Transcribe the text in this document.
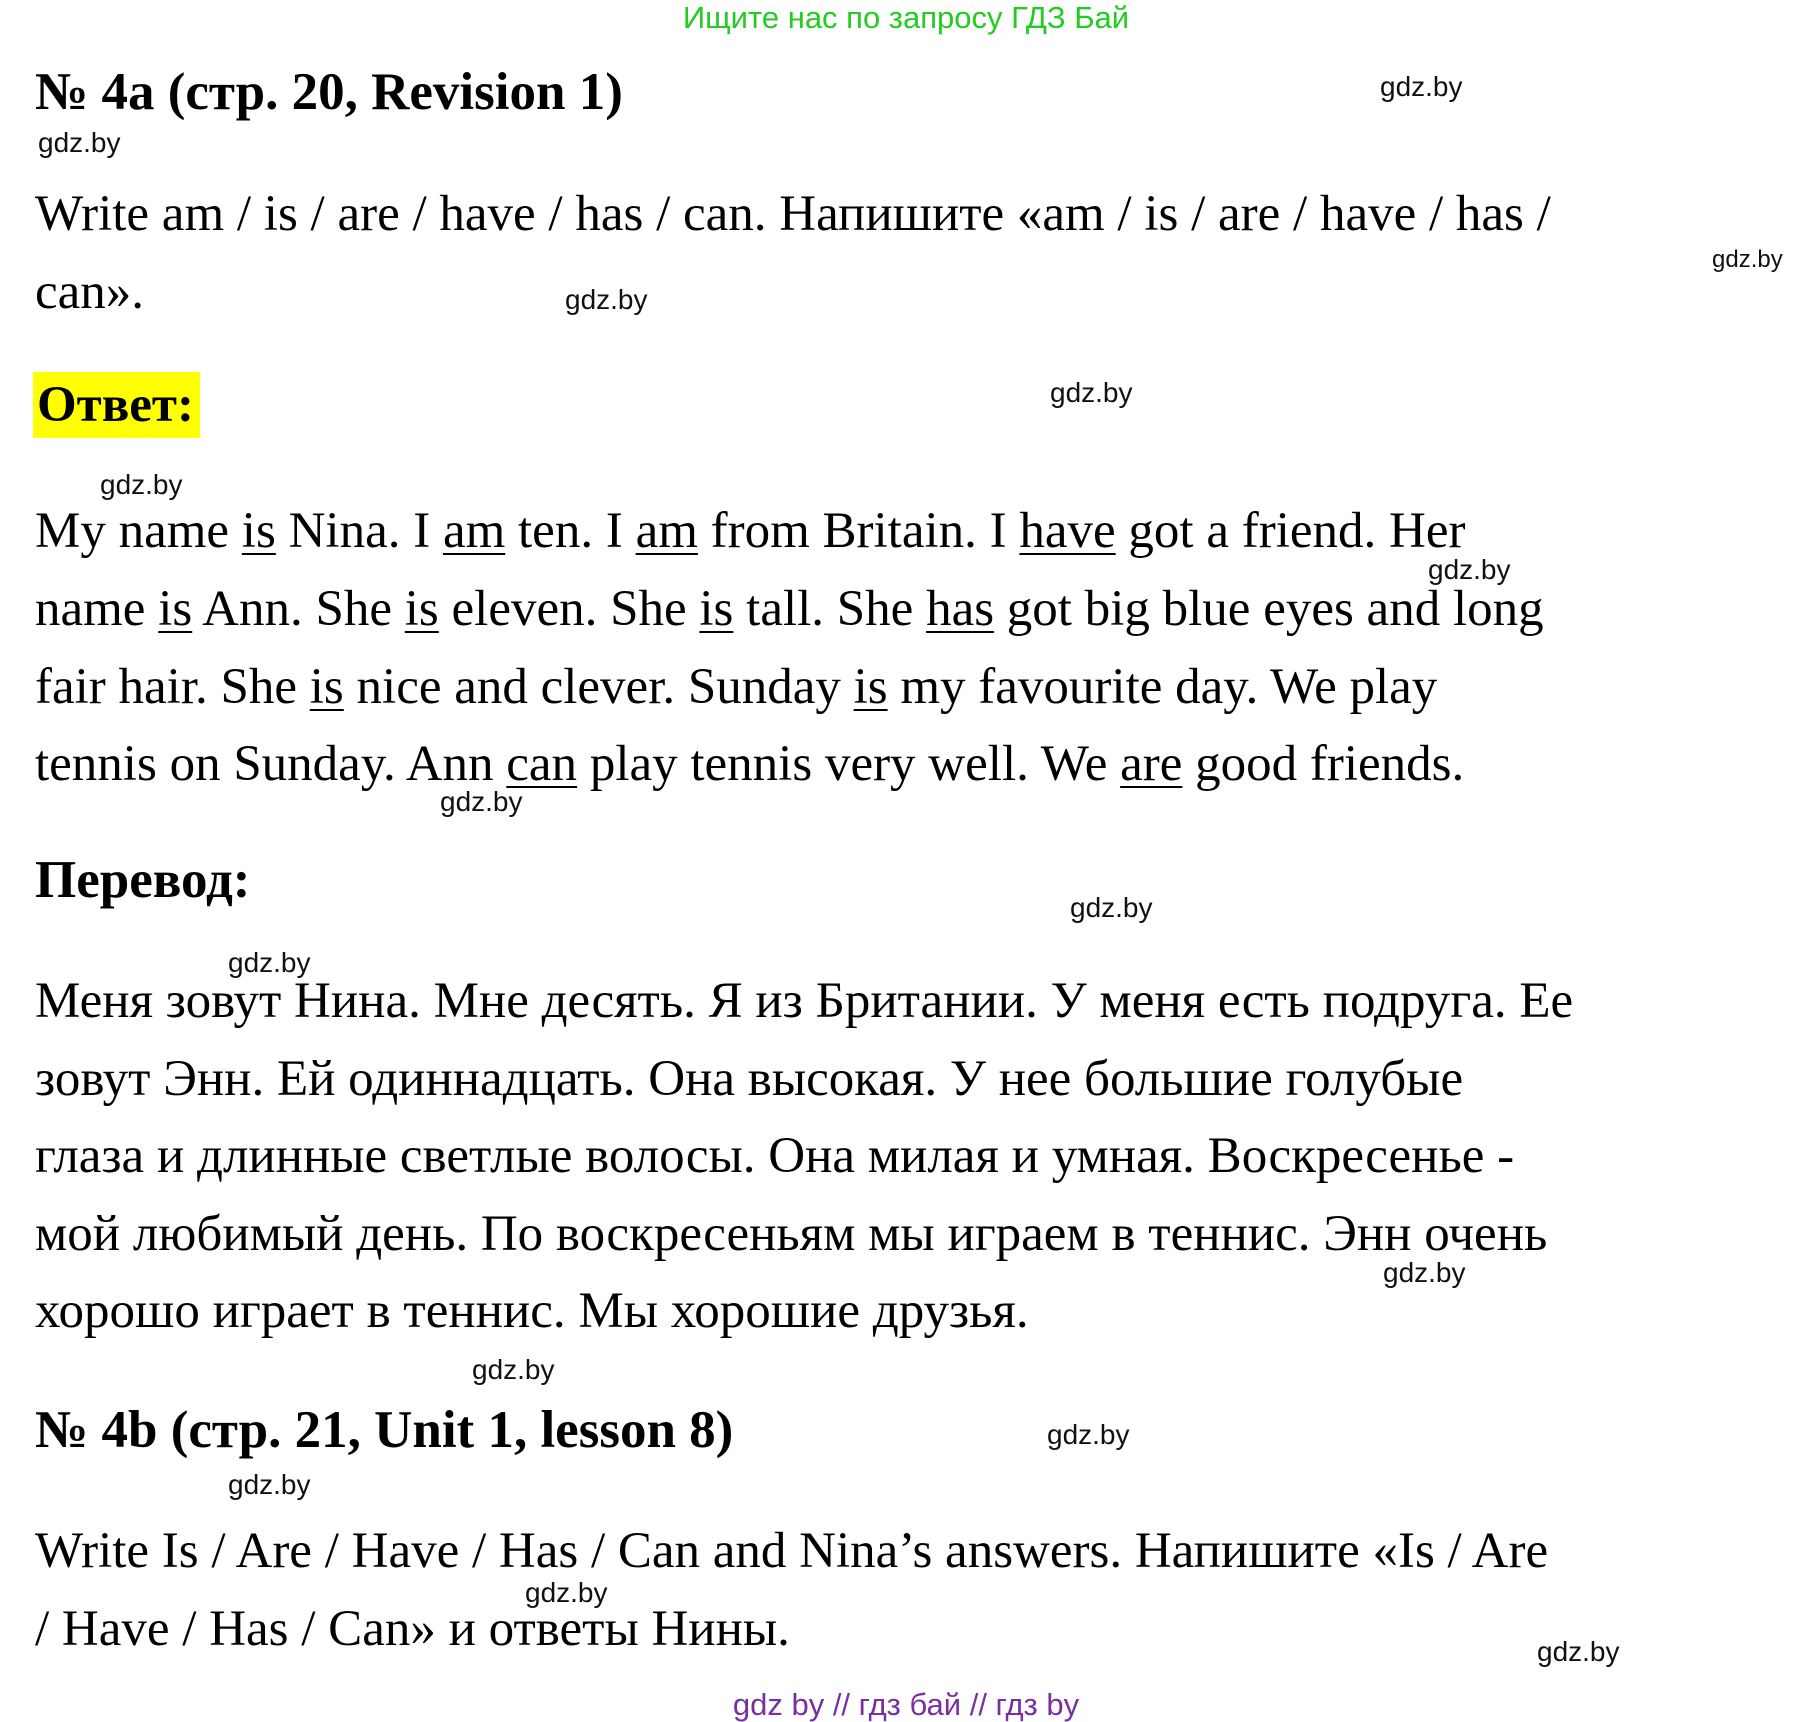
Ищите нас по запросу ГДЗ Бай
№ 4a (стр. 20, Revision 1)
Write am / is / are / have / has / can. Напишите «am / is / are / have / has /
can».
Ответ:
My name is Nina. I am ten. I am from Britain. I have got a friend. Her
name is Ann. She is eleven. She is tall. She has got big blue eyes and long
fair hair. She is nice and clever. Sunday is my favourite day. We play
tennis on Sunday. Ann can play tennis very well. We are good friends.
Перевод:
Меня зовут Нина. Мне десять. Я из Британии. У меня есть подруга. Ее
зовут Энн. Ей одиннадцать. Она высокая. У нее большие голубые
глаза и длинные светлые волосы. Она милая и умная. Воскресенье -
мой любимый день. По воскресеньям мы играем в теннис. Энн очень
хорошо играет в теннис. Мы хорошие друзья.
№ 4b (стр. 21, Unit 1, lesson 8)
Write Is / Are / Have / Has / Can and Nina’s answers. Напишите «Is / Are
/ Have / Has / Can» и ответы Нины.
gdz.by
gdz.by
gdz.by
gdz.by
gdz.by
gdz.by
gdz.by
gdz.by
gdz.by
gdz.by
gdz.by
gdz.by
gdz.by
gdz.by
gdz.by
gdz.by
gdz by // гдз бай // гдз by
